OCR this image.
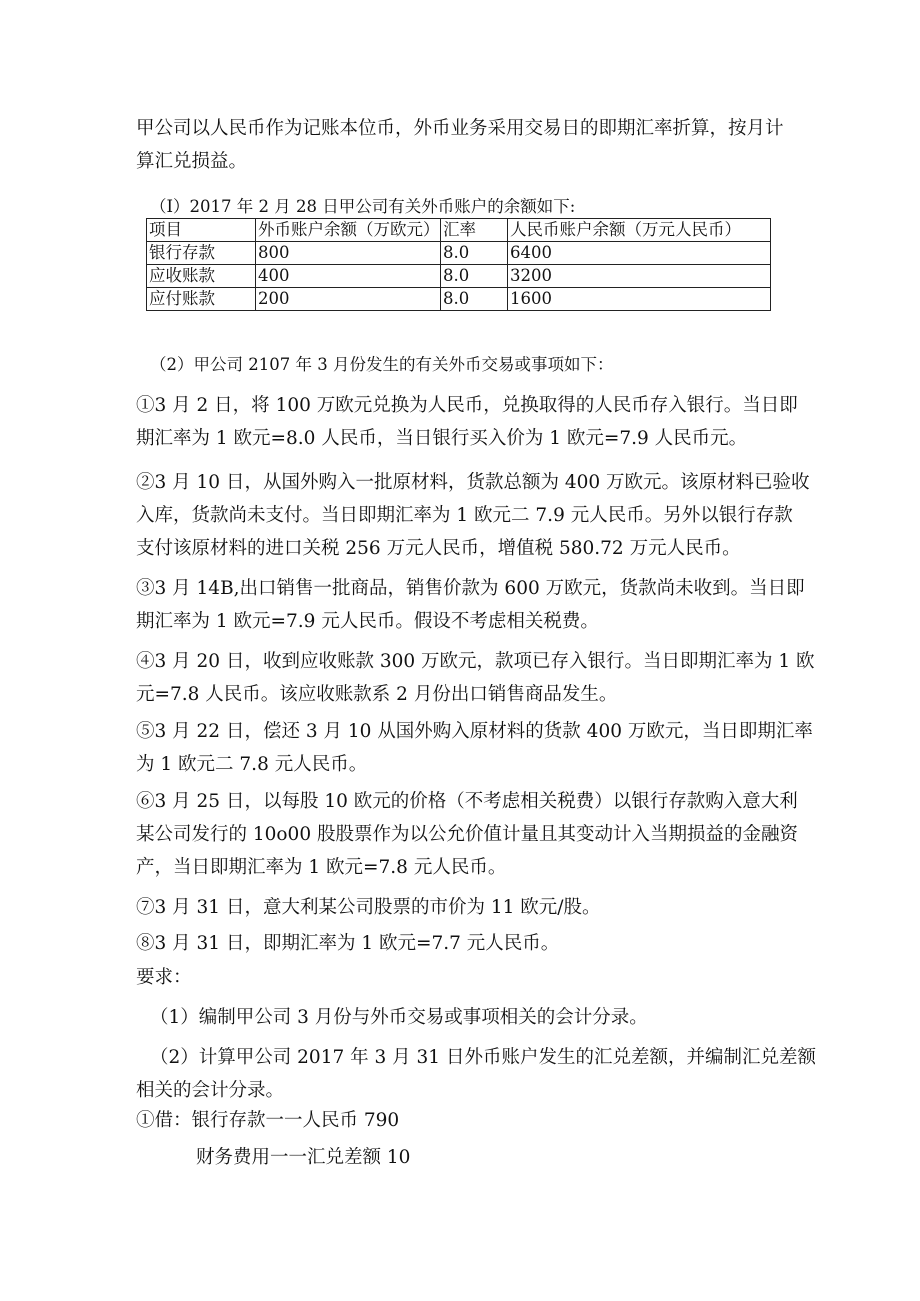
甲公司以人民币作为记账本位币，外币业务采用交易日的即期汇率折算，按月计
算汇兑损益。
（I）2017 年 2 月 28 日甲公司有关外币账户的余额如下:
项目	外币账户余额（万欧元）	汇率	人民币账户余额（万元人民币）
银行存款	800	8.0	6400
应收账款	400	8.0	3200
应付账款	200	8.0	1600
（2）甲公司 2107 年 3 月份发生的有关外币交易或事项如下：
①3 月 2 日，将 100 万欧元兑换为人民币，兑换取得的人民币存入银行。当日即
期汇率为 1 欧元=8.0 人民币，当日银行买入价为 1 欧元=7.9 人民币元。
②3 月 10 日，从国外购入一批原材料，货款总额为 400 万欧元。该原材料已验收
入库，货款尚未支付。当日即期汇率为 1 欧元二 7.9 元人民币。另外以银行存款
支付该原材料的进口关税 256 万元人民币，增值税 580.72 万元人民币。
③3 月 14B,出口销售一批商品，销售价款为 600 万欧元，货款尚未收到。当日即
期汇率为 1 欧元=7.9 元人民币。假设不考虑相关税费。
④3 月 20 日，收到应收账款 300 万欧元，款项已存入银行。当日即期汇率为 1 欧
元=7.8 人民币。该应收账款系 2 月份出口销售商品发生。
⑤3 月 22 日，偿还 3 月 10 从国外购入原材料的货款 400 万欧元，当日即期汇率
为 1 欧元二 7.8 元人民币。
⑥3 月 25 日，以每股 10 欧元的价格（不考虑相关税费）以银行存款购入意大利
某公司发行的 10o00 股股票作为以公允价值计量且其变动计入当期损益的金融资
产，当日即期汇率为 1 欧元=7.8 元人民币。
⑦3 月 31 日，意大利某公司股票的市价为 11 欧元/股。
⑧3 月 31 日，即期汇率为 1 欧元=7.7 元人民币。
要求：
（1）编制甲公司 3 月份与外币交易或事项相关的会计分录。
（2）计算甲公司 2017 年 3 月 31 日外币账户发生的汇兑差额，并编制汇兑差额
相关的会计分录。
①借：银行存款一一人民币 790
财务费用一一汇兑差额 10
